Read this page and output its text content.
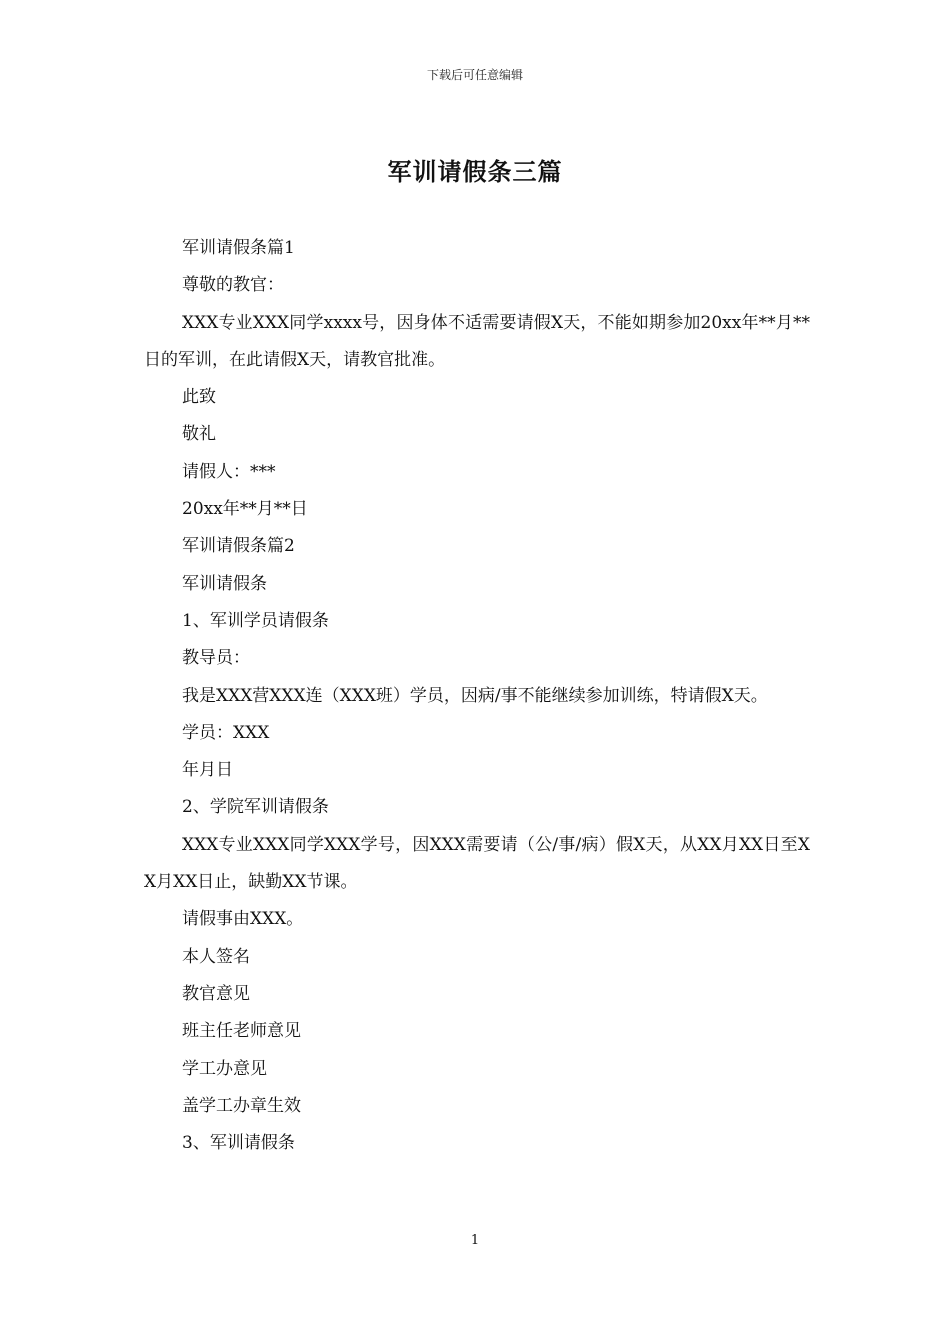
下载后可任意编辑
军训请假条三篇

军训请假条篇1

尊敬的教官：

XXX专业XXX同学xxxx号，因身体不适需要请假X天，不能如期参加20xx年**月**日的军训，在此请假X天，请教官批准。

此致

敬礼

请假人：***

20xx年**月**日

军训请假条篇2

军训请假条

1、军训学员请假条

教导员：

我是XXX营XXX连（XXX班）学员，因病/事不能继续参加训练，特请假X天。

学员：XXX

年月日

2、学院军训请假条

XXX专业XXX同学XXX学号，因XXX需要请（公/事/病）假X天，从XX月XX日至XX月XX日止，缺勤XX节课。

请假事由XXX。

本人签名

教官意见

班主任老师意见

学工办意见

盖学工办章生效

3、军训请假条

1
